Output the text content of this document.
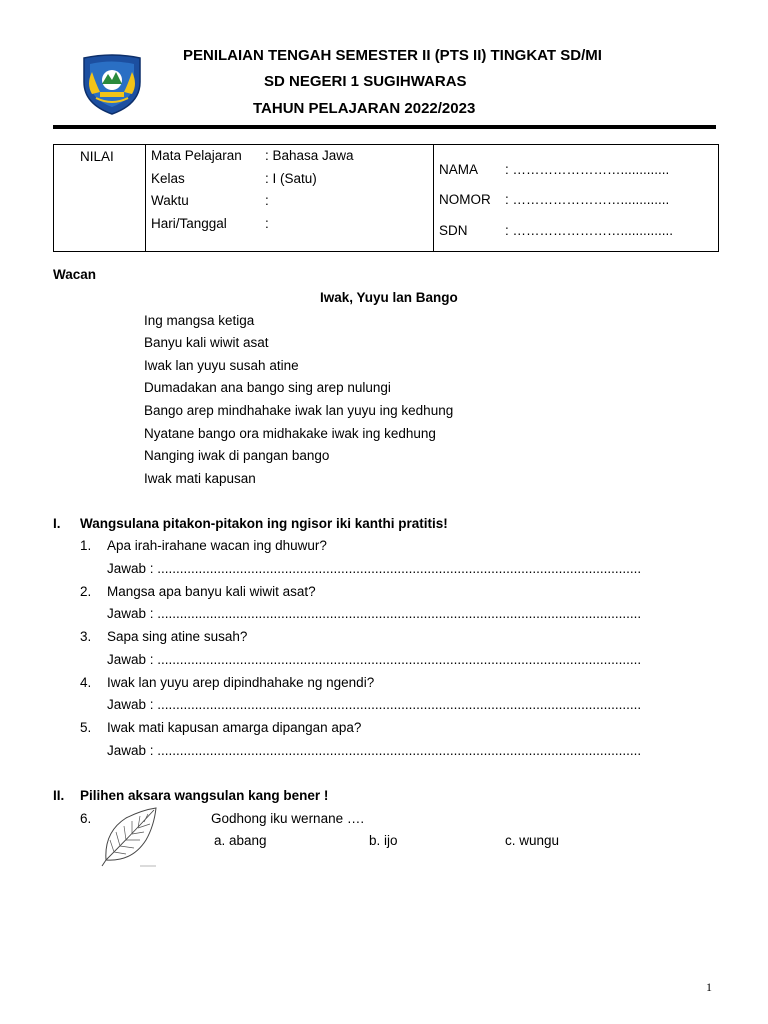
PENILAIAN TENGAH SEMESTER II (PTS II) TINGKAT SD/MI
SD NEGERI 1 SUGIHWARAS
TAHUN PELAJARAN 2022/2023
NILAI	Mata Pelajaran : Bahasa Jawa
Kelas	: I (Satu)
Waktu	:
Hari/Tanggal	:

NAMA : …………………….............
NOMOR : …………………….............
SDN	: ……………………..............
Wacan
Iwak, Yuyu lan Bango
Ing mangsa ketiga
Banyu kali wiwit asat
Iwak lan yuyu susah atine
Dumadakan ana bango sing arep nulungi
Bango arep mindhahake iwak lan yuyu ing kedhung
Nyatane bango ora midhakake iwak ing kedhung
Nanging iwak di pangan bango
Iwak mati kapusan
I. Wangsulana pitakon-pitakon ing ngisor iki kanthi pratitis!
1. Apa irah-irahane wacan ing dhuwur?
Jawab : .................................................................................................................................
2. Mangsa apa banyu kali wiwit asat?
Jawab : .................................................................................................................................
3. Sapa sing atine susah?
Jawab : .................................................................................................................................
4. Iwak lan yuyu arep dipindhahake ng ngendi?
Jawab : .................................................................................................................................
5. Iwak mati kapusan amarga dipangan apa?
Jawab : .................................................................................................................................
II. Pilihen aksara wangsulan kang bener !
6.	Godhong iku wernane ….
a. abang	b. ijo	c. wungu
1
